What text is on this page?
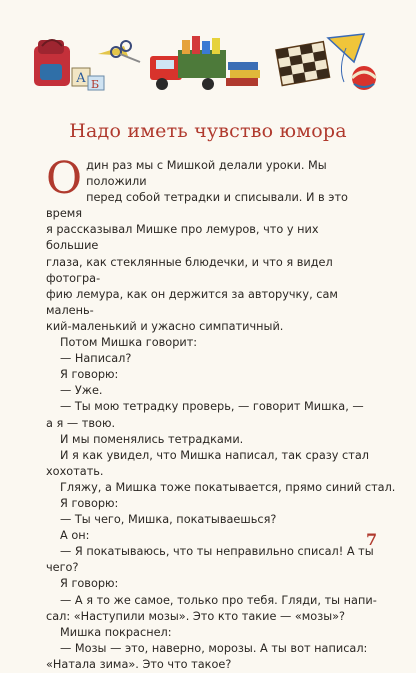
А Б
Надо иметь чувство юмора

Один раз мы с Мишкой делали уроки. Мы положили
перед собой тетрадки и списывали. И в это время
я рассказывал Мишке про лемуров, что у них большие
глаза, как стеклянные блюдечки, и что я видел фотогра-
фию лемура, как он держится за авторучку, сам малень-
кий-маленький и ужасно симпатичный.

Потом Мишка говорит:

— Написал?

Я говорю:

— Уже.

— Ты мою тетрадку проверь, — говорит Мишка, —

а я — твою.

И мы поменялись тетрадками.

И я как увидел, что Мишка написал, так сразу стал

хохотать.

Гляжу, а Мишка тоже покатывается, прямо синий стал.

Я говорю:

— Ты чего, Мишка, покатываешься?

А он:

— Я покатываюсь, что ты неправильно списал! А ты

чего?

Я говорю:

— А я то же самое, только про тебя. Гляди, ты напи-

сал: «Наступили мозы». Это кто такие — «мозы»?

Мишка покраснел:

— Мозы — это, наверно, морозы. А ты вот написал:

«Натала зима». Это что такое?

7
